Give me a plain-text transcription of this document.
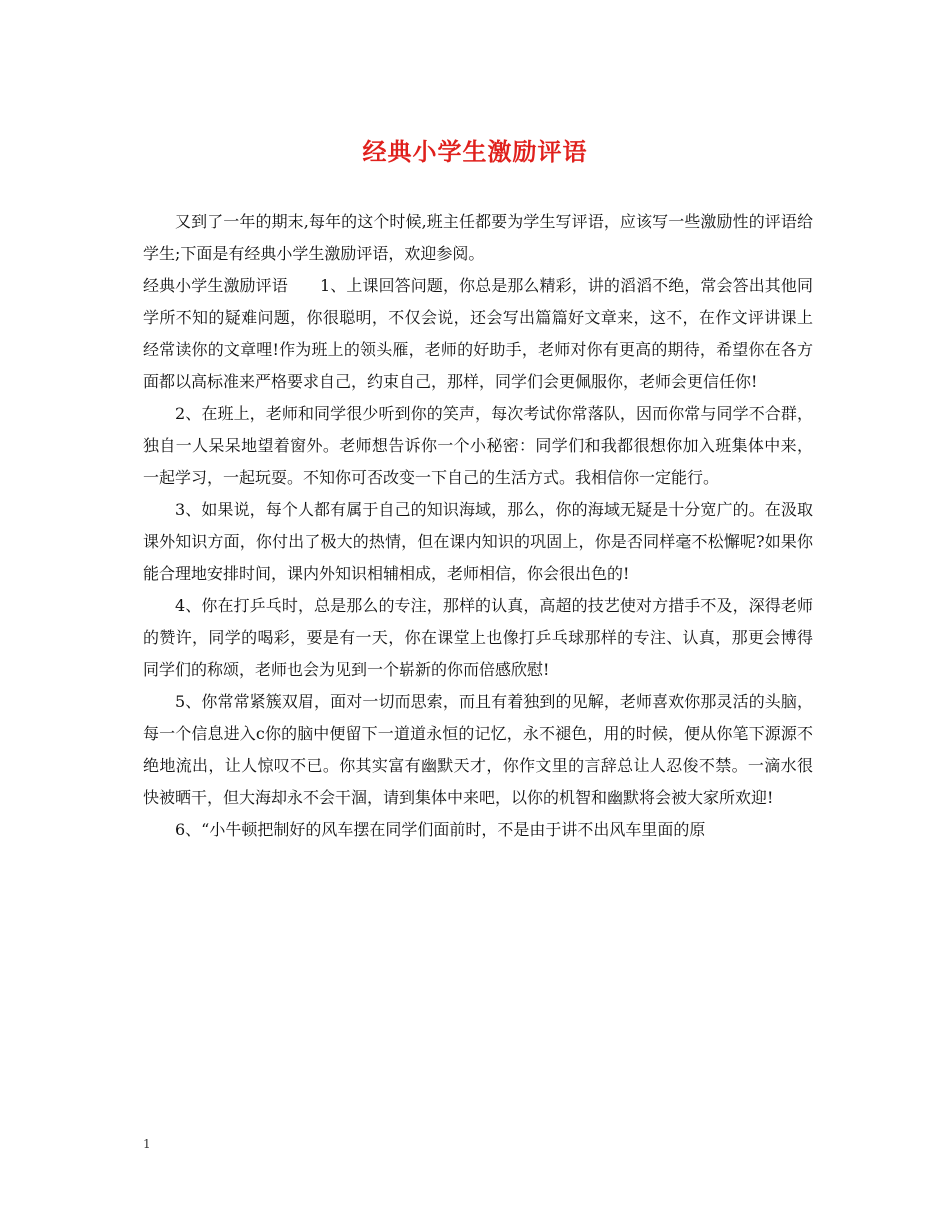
经典小学生激励评语

又到了一年的期末,每年的这个时候,班主任都要为学生写评语，应该写一些激励性的评语给学生;下面是有经典小学生激励评语，欢迎参阅。

经典小学生激励评语　　1、上课回答问题，你总是那么精彩，讲的滔滔不绝，常会答出其他同学所不知的疑难问题，你很聪明，不仅会说，还会写出篇篇好文章来，这不，在作文评讲课上经常读你的文章哩!作为班上的领头雁，老师的好助手，老师对你有更高的期待，希望你在各方面都以高标准来严格要求自己，约束自己，那样，同学们会更佩服你，老师会更信任你!

2、在班上，老师和同学很少听到你的笑声，每次考试你常落队，因而你常与同学不合群，独自一人呆呆地望着窗外。老师想告诉你一个小秘密：同学们和我都很想你加入班集体中来，一起学习，一起玩耍。不知你可否改变一下自己的生活方式。我相信你一定能行。

3、如果说，每个人都有属于自己的知识海域，那么，你的海域无疑是十分宽广的。在汲取课外知识方面，你付出了极大的热情，但在课内知识的巩固上，你是否同样毫不松懈呢?如果你能合理地安排时间，课内外知识相辅相成，老师相信，你会很出色的!

4、你在打乒乓时，总是那么的专注，那样的认真，高超的技艺使对方措手不及，深得老师的赞许，同学的喝彩，要是有一天，你在课堂上也像打乒乓球那样的专注、认真，那更会博得同学们的称颂，老师也会为见到一个崭新的你而倍感欣慰!

5、你常常紧簇双眉，面对一切而思索，而且有着独到的见解，老师喜欢你那灵活的头脑，每一个信息进入c你的脑中便留下一道道永恒的记忆，永不褪色，用的时候，便从你笔下源源不绝地流出，让人惊叹不已。你其实富有幽默天才，你作文里的言辞总让人忍俊不禁。一滴水很快被晒干，但大海却永不会干涸，请到集体中来吧，以你的机智和幽默将会被大家所欢迎!

6、“小牛顿把制好的风车摆在同学们面前时，不是由于讲不出风车里面的原

1
